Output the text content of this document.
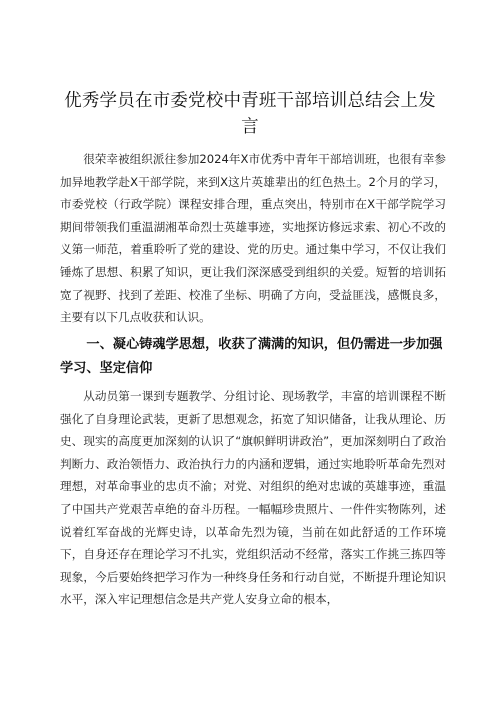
优秀学员在市委党校中青班干部培训总结会上发言

很荣幸被组织派往参加2024年X市优秀中青年干部培训班，也很有幸参加异地教学赴X干部学院，来到X这片英雄辈出的红色热土。2个月的学习，市委党校（行政学院）课程安排合理，重点突出，特别市在X干部学院学习期间带领我们重温湖湘革命烈士英雄事迹，实地探访修远求索、初心不改的义第一师范，着重聆听了党的建设、党的历史。通过集中学习，不仅让我们锤炼了思想、积累了知识，更让我们深深感受到组织的关爱。短暂的培训拓宽了视野、找到了差距、校准了坐标、明确了方向，受益匪浅，感慨良多，主要有以下几点收获和认识。

一、凝心铸魂学思想，收获了满满的知识，但仍需进一步加强学习、坚定信仰

从动员第一课到专题教学、分组讨论、现场教学，丰富的培训课程不断强化了自身理论武装，更新了思想观念，拓宽了知识储备，让我从理论、历史、现实的高度更加深刻的认识了“旗帜鲜明讲政治”，更加深刻明白了政治判断力、政治领悟力、政治执行力的内涵和逻辑，通过实地聆听革命先烈对理想，对革命事业的忠贞不渝；对党、对组织的绝对忠诚的英雄事迹，重温了中国共产党艰苦卓绝的奋斗历程。一幅幅珍贵照片、一件件实物陈列，述说着红军奋战的光辉史诗，以革命先烈为镜，当前在如此舒适的工作环境下，自身还存在理论学习不扎实，党组织活动不经常，落实工作挑三拣四等现象，今后要始终把学习作为一种终身任务和行动自觉，不断提升理论知识水平，深入牢记理想信念是共产党人安身立命的根本，
